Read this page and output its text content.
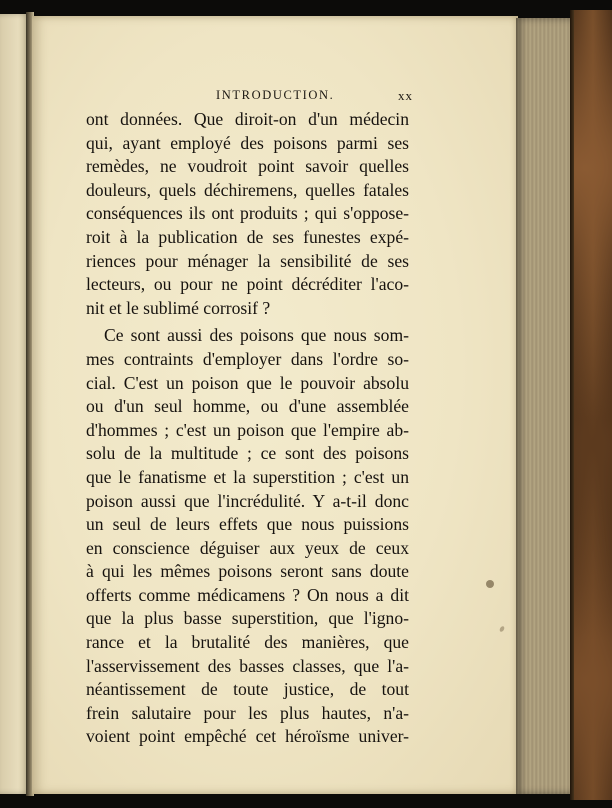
INTRODUCTION.	xx
ont données. Que diroit-on d'un médecin
qui, ayant employé des poisons parmi ses
remèdes, ne voudroit point savoir quelles
douleurs, quels déchiremens, quelles fatales
conséquences ils ont produits ; qui s'oppose-
roit à la publication de ses funestes expé-
riences pour ménager la sensibilité de ses
lecteurs, ou pour ne point décréditer l'aco-
nit et le sublimé corrosif ?
Ce sont aussi des poisons que nous som-
mes contraints d'employer dans l'ordre so-
cial. C'est un poison que le pouvoir absolu
ou d'un seul homme, ou d'une assemblée
d'hommes ; c'est un poison que l'empire ab-
solu de la multitude ; ce sont des poisons
que le fanatisme et la superstition ; c'est un
poison aussi que l'incrédulité. Y a-t-il donc
un seul de leurs effets que nous puissions
en conscience déguiser aux yeux de ceux
à qui les mêmes poisons seront sans doute
offerts comme médicamens ? On nous a dit
que la plus basse superstition, que l'igno-
rance et la brutalité des manières, que
l'asservissement des basses classes, que l'a-
néantissement de toute justice, de tout
frein salutaire pour les plus hautes, n'a-
voient point empêché cet héroïsme univer-
